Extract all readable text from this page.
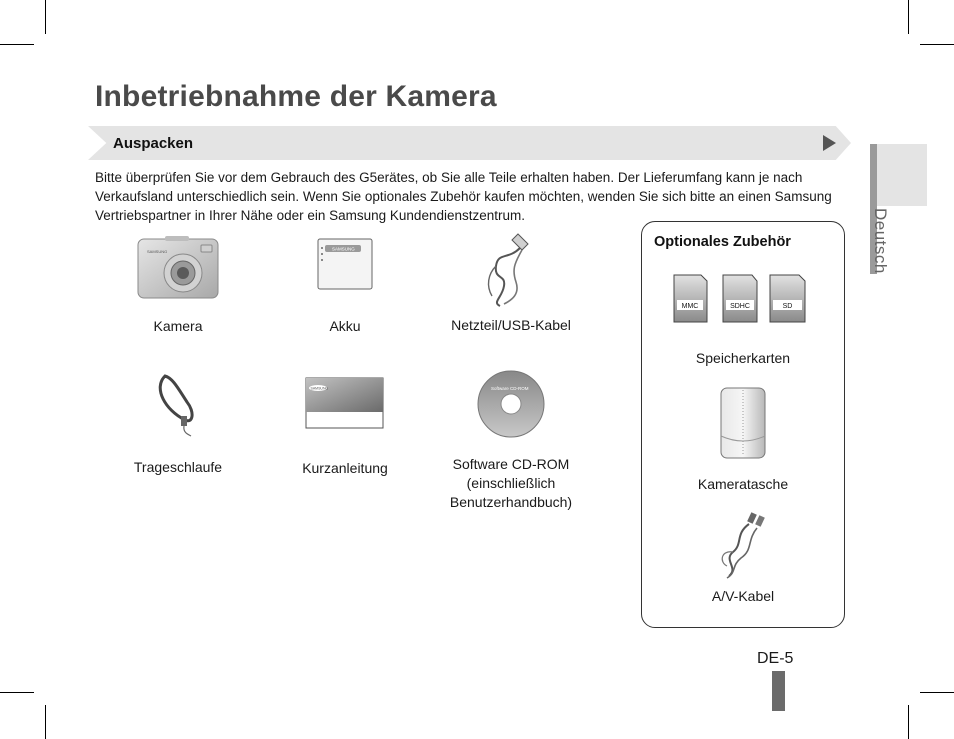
Inbetriebnahme der Kamera
Auspacken

Bitte überprüfen Sie vor dem Gebrauch des G5erätes, ob Sie alle Teile erhalten haben. Der Lieferumfang kann je nach Verkaufsland unterschiedlich sein. Wenn Sie optionales Zubehör kaufen möchten, wenden Sie sich bitte an einen Samsung Vertriebspartner in Ihrer Nähe oder ein Samsung Kundendienstzentrum.

SAMSUNG
Kamera
SAMSUNG
Akku	Netzteil/USB-Kabel
Trageschlaufe
SAMSUNG
Kurzanleitung
Software CD-ROM
Software CD-ROM
(einschließlich
Benutzerhandbuch)
Optionales Zubehör
MMC	SDHC	SD
Speicherkarten
Kameratasche
A/V-Kabel
Deutsch
DE-5
